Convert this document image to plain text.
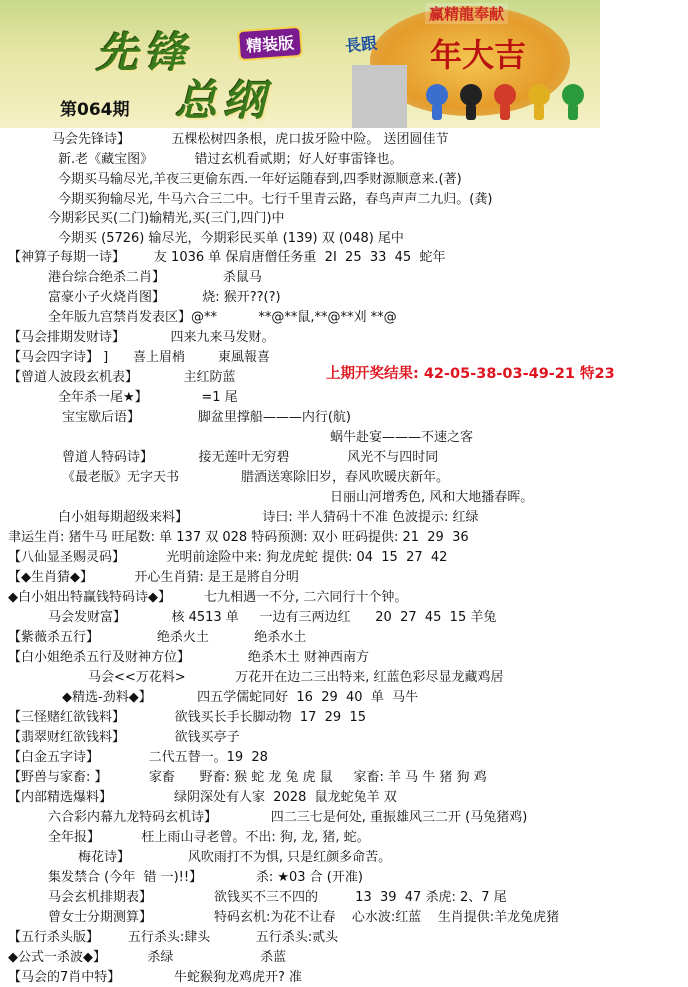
先锋	精装版	長跟
赢精龍奉献
年大吉
总纲
第064期
马会先锋诗】          五棵松树四条根，虎口拔牙险中险。 送团圆佳节
新.老《藏宝图》          错过玄机看贰期；好人好事雷锋也。
今期买马输尽光,羊夜三更偷东西.一年好运随春到,四季财源顺意来.(著)
今期买狗输尽光, 牛马六合三二中。七行千里青云路，春鸟声声二九归。(龚)
今期彩民买(二门)输精光,买(三门,四门)中
今期买 (5726) 输尽光，今期彩民买单 (139) 双 (048) 尾中
【神算子每期一诗】       友 1036 单 保肩唐僧任务重  2I  25  33  45  蛇年
港台综合绝杀二肖】              杀鼠马
富豪小子火烧肖图】         烧: 猴开??(?)
全年版九宫禁肖发表区】@**          **@**鼠,**@**刈 **@
【马会排期发财诗】           四来九来马发财。
【马会四字诗】 ]      喜上眉梢        東風報喜
【曾道人波段玄机表】           主红防蓝
全年杀一尾★】             =1 尾
宝宝歇后语】              脚盆里撑船———内行(航)
蜗牛赴宴———不速之客
曾道人特码诗】           接无莲叶无穷碧              风光不与四时同
《最老版》无字天书               腊酒送寒除旧岁，春风吹暖庆新年。
日丽山河增秀色, 风和大地播春晖。
白小姐每期超级来料】                  诗曰: 半人猜码十不准 色波提示: 红绿
聿运生肖: 猪牛马 旺尾数: 单 137 双 028 特码预测: 双小 旺码提供: 21  29  36
【八仙显圣赐灵码】          光明前途险中来: 狗龙虎蛇 提供: 04  15  27  42
【◆生肖猜◆】          开心生肖猜: 是王是將自分明
◆白小姐出特赢钱特码诗◆】        七九相遇一不分, 二六同行十个钟。
马会发财富】           核 4513 单     一边有三两边红      20  27  45  15 羊兔
【紫薇杀五行】              绝杀火土           绝杀水土
【白小姐绝杀五行及财神方位】              绝杀木土 财神西南方
马会<<万花料>            万花开在边二三出特来, 红蓝色彩尽显龙藏鸡居
◆精选-劲料◆】           四五学儒蛇同好  16  29  40  单  马牛
【三怪赌红欲钱料】            欲钱买长手长脚动物  17  29  15
【翡翠财红欲钱料】            欲钱买亭子
【白金五字诗】            二代五替一。19  28
【野兽与家畜: 】          家畜      野畜: 猴 蛇 龙 兔 虎 鼠     家畜: 羊 马 牛 猪 狗 鸡
【内部精选爆料】               绿阴深处有人家  2028  鼠龙蛇兔羊 双
六合彩内幕九龙特码玄机诗】             四二三七是何处, 重振雄风三二开 (马兔猪鸡)
全年报】          枉上雨山寻老曾。不出: 狗, 龙, 猪, 蛇。
梅花诗】              风吹雨打不为惧, 只是红颜多命苦。
集发禁合 (今年  错 一)!!】             杀: ★03 合 (开准)
马会玄机排期表】               欲钱买不三不四的         13  39  47 杀虎: 2、7 尾
曾女士分期测算】               特码玄机:为花不让春    心水波:红蓝    生肖提供:羊龙兔虎猪
【五行杀头版】       五行杀头:肆头           五行杀头:贰头
◆公式一杀波◆】          杀绿                     杀蓝
【马会的7肖中特】             牛蛇猴狗龙鸡虎开? 准
上期开奖结果: 42-05-38-03-49-21 特23
